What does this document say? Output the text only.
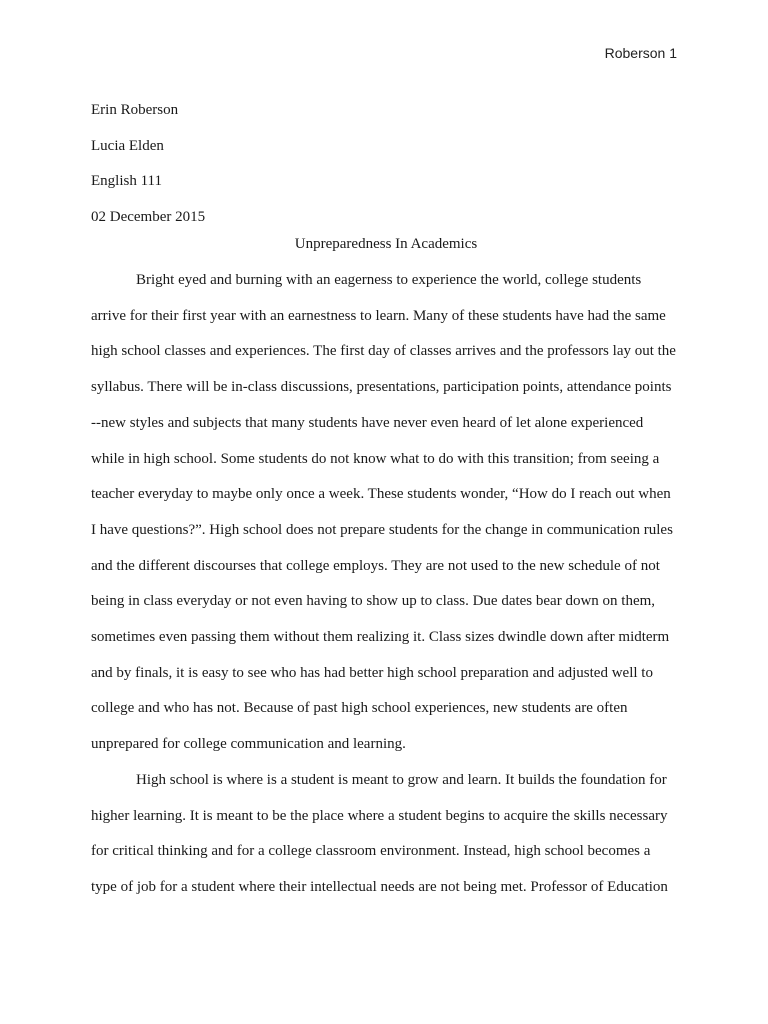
Roberson 1
Erin Roberson
Lucia Elden
English 111
02 December 2015
Unpreparedness In Academics
Bright eyed and burning with an eagerness to experience the world, college students
arrive for their first year with an earnestness to learn. Many of these students have had the same
high school classes and experiences. The first day of classes arrives and the professors lay out the
syllabus. There will be in-class discussions, presentations, participation points, attendance points
--new styles and subjects that many students have never even heard of let alone experienced
while in high school. Some students do not know what to do with this transition; from seeing a
teacher everyday to maybe only once a week. These students wonder, “How do I reach out when
I have questions?”. High school does not prepare students for the change in communication rules
and the different discourses that college employs. They are not used to the new schedule of not
being in class everyday or not even having to show up to class. Due dates bear down on them,
sometimes even passing them without them realizing it. Class sizes dwindle down after midterm
and by finals, it is easy to see who has had better high school preparation and adjusted well to
college and who has not. Because of past high school experiences, new students are often
unprepared for college communication and learning.
High school is where is a student is meant to grow and learn. It builds the foundation for
higher learning. It is meant to be the place where a student begins to acquire the skills necessary
for critical thinking and for a college classroom environment. Instead, high school becomes a
type of job for a student where their intellectual needs are not being met. Professor of Education
